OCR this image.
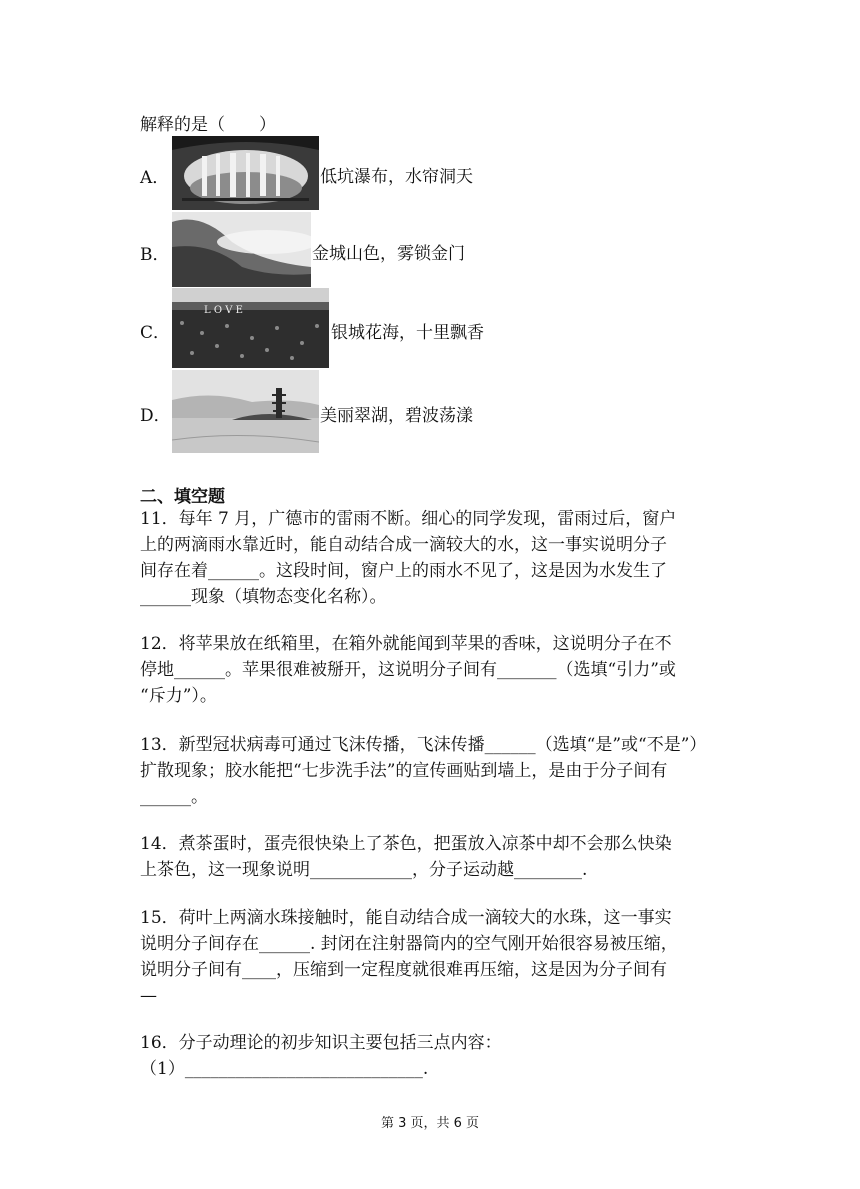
解释的是（　　）
A．	低坑瀑布，水帘洞天
B．	金城山色，雾锁金门
C．
L O V E
银城花海，十里飘香
D．	美丽翠湖，碧波荡漾
二、填空题
11．每年 7 月，广德市的雷雨不断。细心的同学发现，雷雨过后，窗户
上的两滴雨水靠近时，能自动结合成一滴较大的水，这一事实说明分子
间存在着______。这段时间，窗户上的雨水不见了，这是因为水发生了
______现象（填物态变化名称）。
12．将苹果放在纸箱里，在箱外就能闻到苹果的香味，这说明分子在不
停地______。苹果很难被掰开，这说明分子间有_______（选填“引力”或
“斥力”）。
13．新型冠状病毒可通过飞沫传播，飞沫传播______（选填“是”或“不是”）
扩散现象；胶水能把“七步洗手法”的宣传画贴到墙上，是由于分子间有
______。
14．煮茶蛋时，蛋壳很快染上了茶色，把蛋放入凉茶中却不会那么快染
上茶色，这一现象说明____________，分子运动越________.
15．荷叶上两滴水珠接触时，能自动结合成一滴较大的水珠，这一事实
说明分子间存在______. 封闭在注射器筒内的空气刚开始很容易被压缩，
说明分子间有____，压缩到一定程度就很难再压缩，这是因为分子间有
—
16．分子动理论的初步知识主要包括三点内容：
（1）____________________________.
第 3 页，共 6 页
